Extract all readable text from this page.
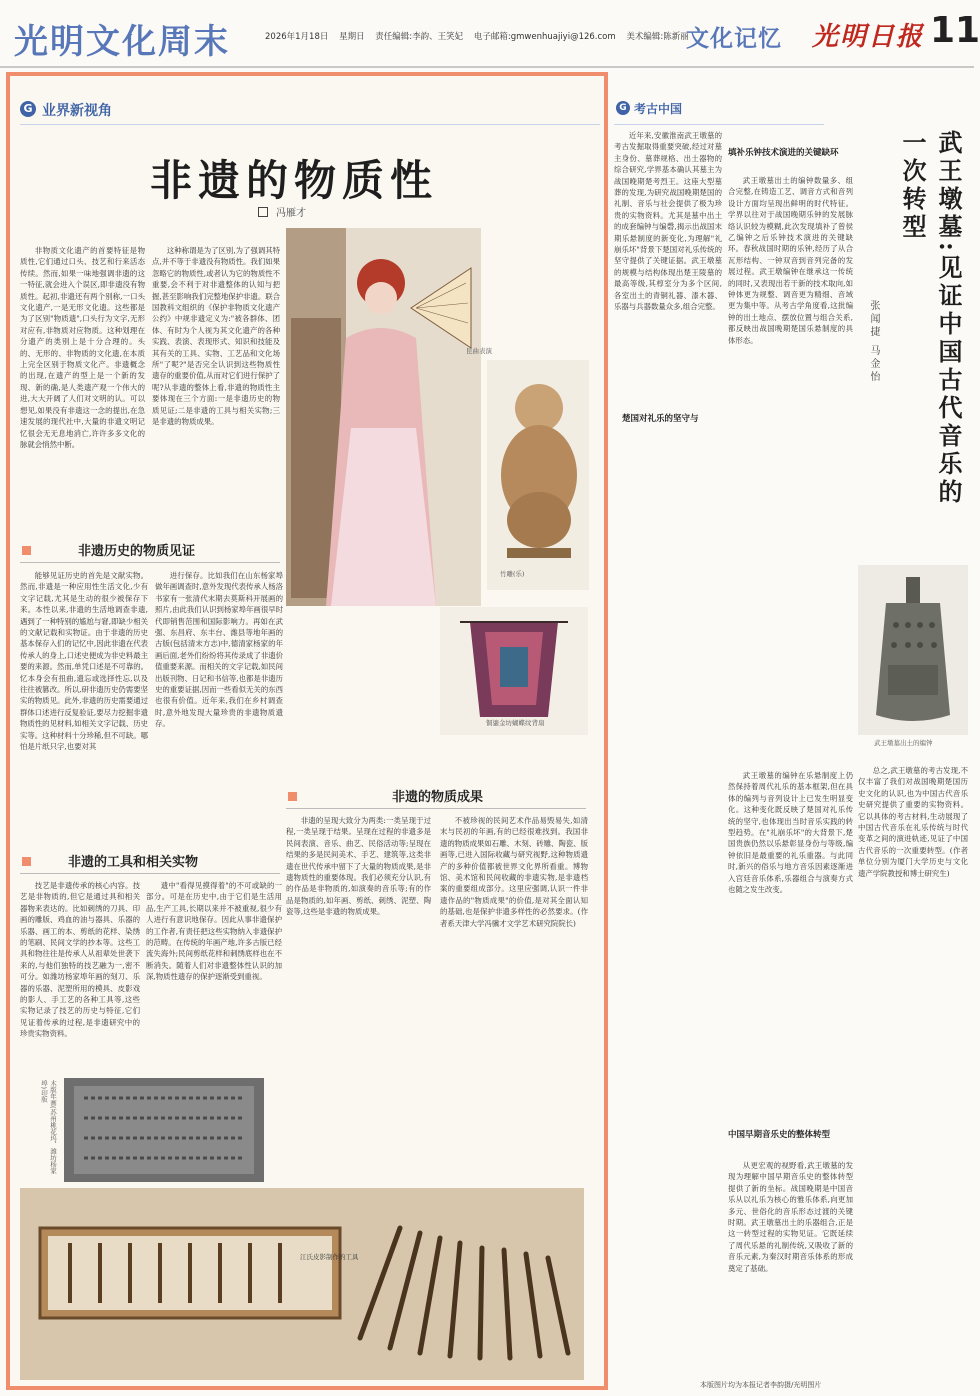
光明文化周末	2026年1月18日 星期日 责任编辑:李韵、王笑妃 电子邮箱:gmwenhuajiyi@126.com 美术编辑:陈新丽
文化记忆 光明日报 11
G 业界新视角
非遗的物质性
冯雁才

非物质文化遗产的首要特征是物质性,它们通过口头、技艺和行来活态传续。然而,如果一味地强调非遗的这一特征,就会进入个误区,即非遗没有物质性。起初,非遗还有两个别称,一口头文化遗产,一是无形文化遗。这些都是为了区别"物质遗",口头行为文字,无形对应有,非物质对应物质。这种划理在分遗产的类别上是十分合理的。头的、无形的、非物质的文化遗,在本质上完全区别于物质文化产。非遗概念的出现,在遗产的型上是一个新的发现、新的确,是人类遗产观一个伟大的进,大大开阔了人们对文明的认。可以想见,如果没有非遗这一念的提出,在急速发展的现代社中,大量的非遗文明记忆很会无无息地消亡,许许多多文化的脉就会悄然中断。

这种称谓是为了区别,为了强调其特点,并不等于非遗没有物质性。我们如果忽略它的物质性,或者认为它的物质性不重要,会不利于对非遗整体的认知与把握,甚至影响我们完整地保护非遗。联合国教科文组织的《保护非物质文化遗产公约》中规非遗定义为:"被各群体、团体、有时为个人视为其文化遗产的各种实践、表演、表现形式、知识和技能及其有关的工具、实物、工艺品和文化场所"了呢?"是否完全认识到这些物质性遗存的重要价值,从而对它们进行保护了呢?从非遗的整体上看,非遗的物质性主要体现在三个方面:一是非遗历史的物质见证;二是非遗的工具与相关实物;三是非遗的物质成果。

昆曲表演
竹雕(乐)
铜鎏金坊蝴蝶纹背扇
非遗历史的物质见证

能够见证历史的首先是文献实物。然而,非遗是一种应用性生活文化,少有文字记载,尤其是生动的很少被保存下来。本性以来,非遗的生活地调查非遗,遇到了一种特别的尴尬与窘,即缺少相关的文献记载和实物证。由于非遗的历史基本保存入们的记忆中,因此非遗在代表传承人的身上,口述史便成为非史料最主要的来源。然而,单凭口述是不可靠的。忆本身会有扭曲,遗忘或选择性忘,以及往往被篡改。所以,研非遗历史仍需要坚实的物质见。此外,非遗的历史需要通过群体口述进行反复验证,要尽力挖掘非遗物质性的见材料,如相关文字记载、历史实等。这种材料十分珍稀,但不可缺。哪怕是片纸只字,也要对其

进行保存。比如我们在山东杨家埠做年画调查时,意外发现代表传承人杨洛书家有一张清代末期去莫斯科开展画的照片,由此我们认识到杨家埠年画很早时代即销售范围和国际影响力。再如在武强、东昌府、东丰台、潍县等地年画的古版(包括清末方志)中,德清家杨家的年画后面,老外们纷纷将其传录成了非遗价值重要来源。而相关的文字记载,如民间出版刊物、日记和书信等,也都是非遗历史的重要证据,因而一些看似无关的东西也很有价值。近年来,我们在乡村调查时,意外地发现大量珍贵的非遗物质遗存。

非遗的物质成果

非遗的呈现大致分为两类:一类呈现于过程,一类呈现于结果。呈现在过程的非遗多是民间表演、音乐、曲艺、民俗活动等;呈现在结果的多是民间美术、手艺、建筑等,这类非遗在世代传承中留下了大量的物质成果,是非遗物质性的重要体现。我们必须充分认识,有的作品是非物质的,如演奏的音乐等;有的作品是物质的,如年画、剪纸、刺绣、泥塑、陶瓷等,这些是非遗的物质成果。

不被珍视的民间艺术作品易毁易失,如清末与民初的年画,有的已经很难找到。我国非遗的物质成果如石雕、木刻、砖雕、陶瓷、版画等,已进入国际收藏与研究视野,这种物质遗产的多种价值都被世界文化界所看重。博物馆、美术馆和民间收藏的非遗实物,是非遗档案的重要组成部分。这里应强调,认识一件非遗作品的"物质成果"的价值,是对其全面认知的基础,也是保护非遗多样性的必然要求。(作者系天津大学冯骥才文学艺术研究院院长)

非遗的工具和相关实物

技艺是非遗传承的核心内容。技艺是非物质的,但它是通过具和相关器物来表达的。比如刺绣的刀具、印画的雕版、鸡血的油与器具、乐器的乐器、画工的本、剪纸的花样、染绣的笔刷、民间文学的抄本等。这些工具和物往往是传承人从祖辈处世袭下来的,与他们独特的技艺融为一,密不可分。如潍坊杨家埠年画的刻刀、乐器的乐器、泥塑所用的模具、皮影戏的影人、手工艺的各种工具等,这些实物记录了技艺的历史与特征,它们见证着传承的过程,是非遗研究中的珍贵实物资料。

遗中"看得见摸得着"的不可或缺的一部分。可是在历史中,由于它们是生活用品,生产工具,长期以来并不被重视,很少有人进行有意识地保存。因此从事非遗保护的工作者,有责任把这些实物纳入非遗保护的范畴。在传统的年画产地,许多古版已经流失海外;民间剪纸花样和刺绣底样也在不断消失。随着人们对非遗整体性认识的加深,物质性遗存的保护逐渐受到重视。

木版年画(苏州桃花坞、潍坊杨家埠)印版
江氏皮影制作的工具
G 考古中国
武王墩墓:见证中国古代音乐的一次转型
张闻捷 马金怡

近年来,安徽淮南武王墩墓的考古发掘取得重要突破,经过对墓主身份、墓葬规格、出土器物的综合研究,学界基本确认其墓主为战国晚期楚考烈王。这座大型墓葬的发现,为研究战国晚期楚国的礼制、音乐与社会提供了极为珍贵的实物资料。尤其是墓中出土的成套编钟与编磬,揭示出战国末期乐悬制度的新变化,为理解"礼崩乐坏"背景下楚国对礼乐传统的坚守提供了关键证据。武王墩墓的规模与结构体现出楚王陵墓的最高等级,其椁室分为多个区间,各室出土的青铜礼器、漆木器、乐器与兵器数量众多,组合完整。

填补乐钟技术演进的关键缺环

武王墩墓出土的编钟数量多、组合完整,在铸造工艺、调音方式和音列设计方面均呈现出鲜明的时代特征。学界以往对于战国晚期乐钟的发展脉络认识较为模糊,此次发现填补了曾侯乙编钟之后乐钟技术演进的关键缺环。春秋战国时期的乐钟,经历了从合瓦形结构、一钟双音到音列完备的发展过程。武王墩编钟在继承这一传统的同时,又表现出若干新的技术取向,如钟体更为规整、调音更为精细、音域更为集中等。从考古学角度看,这批编钟的出土地点、摆放位置与组合关系,都反映出战国晚期楚国乐悬制度的具体形态。

楚国对礼乐的坚守与

武王墩墓的编钟在乐悬制度上仍然保持着周代礼乐的基本框架,但在具体的编列与音列设计上已发生明显变化。这种变化既反映了楚国对礼乐传统的坚守,也体现出当时音乐实践的转型趋势。在"礼崩乐坏"的大背景下,楚国贵族仍然以乐悬彰显身份与等级,编钟依旧是最重要的礼乐重器。与此同时,新兴的俗乐与地方音乐因素逐渐进入宫廷音乐体系,乐器组合与演奏方式也随之发生改变。

中国早期音乐史的整体转型

从更宏观的视野看,武王墩墓的发现为理解中国早期音乐史的整体转型提供了新的坐标。战国晚期是中国音乐从以礼乐为核心的雅乐体系,向更加多元、世俗化的音乐形态过渡的关键时期。武王墩墓出土的乐器组合,正是这一转型过程的实物见证。它既延续了周代乐悬的礼制传统,又吸收了新的音乐元素,为秦汉时期音乐体系的形成奠定了基础。

总之,武王墩墓的考古发现,不仅丰富了我们对战国晚期楚国历史文化的认识,也为中国古代音乐史研究提供了重要的实物资料。它以具体的考古材料,生动展现了中国古代音乐在礼乐传统与时代变革之间的演进轨迹,见证了中国古代音乐的一次重要转型。(作者单位分别为厦门大学历史与文化遗产学院教授和博士研究生)

武王墩墓出土的编钟
本版图片均为本报记者李韵摄/光明图片
